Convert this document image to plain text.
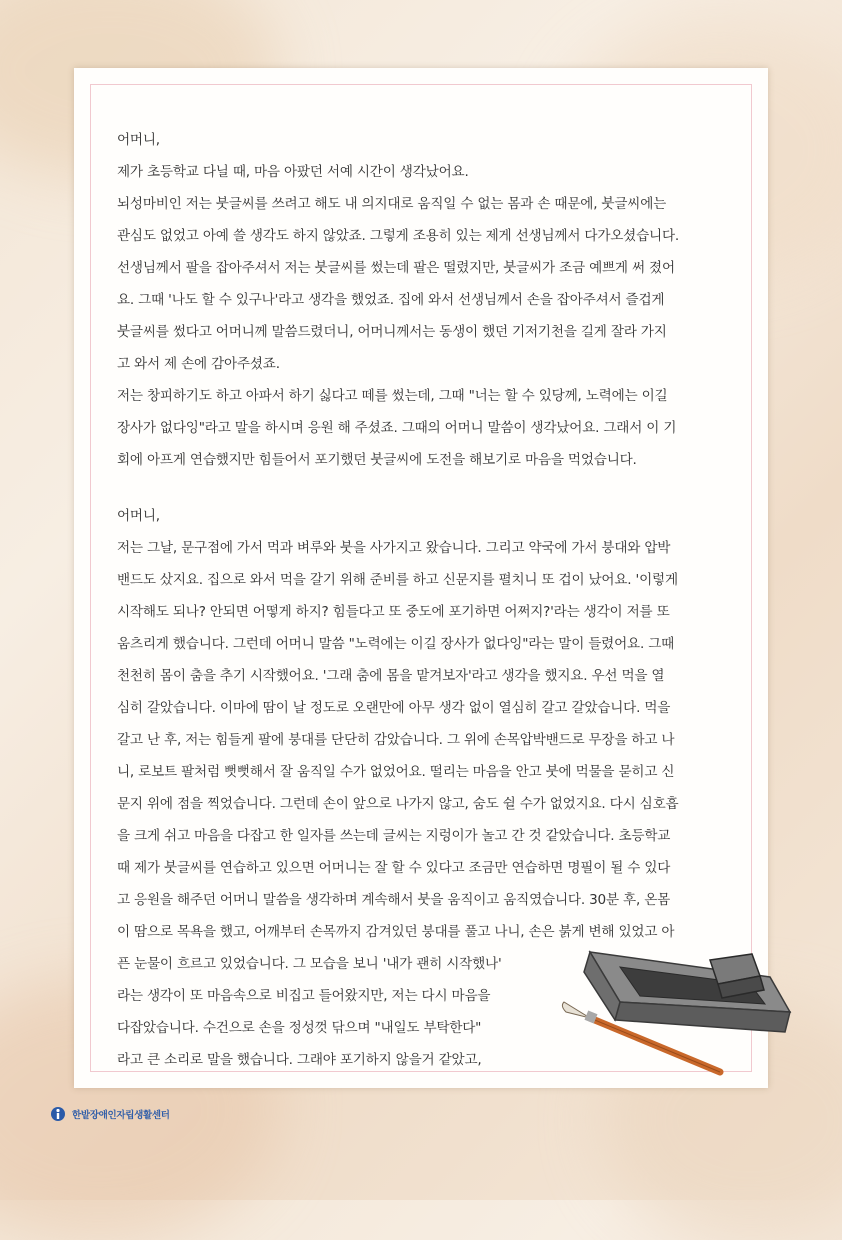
어머니,
제가 초등학교 다닐 때, 마음 아팠던 서예 시간이 생각났어요.
뇌성마비인 저는 붓글씨를 쓰려고 해도 내 의지대로 움직일 수 없는 몸과 손 때문에, 붓글씨에는
관심도 없었고 아예 쓸 생각도 하지 않았죠. 그렇게 조용히 있는 제게 선생님께서 다가오셨습니다.
선생님께서 팔을 잡아주셔서 저는 붓글씨를 썼는데 팔은 떨렸지만, 붓글씨가 조금 예쁘게 써 졌어
요. 그때 '나도 할 수 있구나'라고 생각을 했었죠. 집에 와서 선생님께서 손을 잡아주셔서 즐겁게
붓글씨를 썼다고 어머니께 말씀드렸더니, 어머니께서는 동생이 했던 기저기천을 길게 잘라 가지
고 와서 제 손에 감아주셨죠.
저는 창피하기도 하고 아파서 하기 싫다고 떼를 썼는데, 그때 "너는 할 수 있당께, 노력에는 이길
장사가 없다잉"라고 말을 하시며 응원 해 주셨죠. 그때의 어머니 말씀이 생각났어요. 그래서 이 기
회에 아프게 연습했지만 힘들어서 포기했던 붓글씨에 도전을 해보기로 마음을 먹었습니다.
어머니,
저는 그날, 문구점에 가서 먹과 벼루와 붓을 사가지고 왔습니다. 그리고 약국에 가서 붕대와 압박
밴드도 샀지요. 집으로 와서 먹을 갈기 위해 준비를 하고 신문지를 펼치니 또 겁이 났어요. '이렇게
시작해도 되나? 안되면 어떻게 하지? 힘들다고 또 중도에 포기하면 어쩌지?'라는 생각이 저를 또
움츠리게 했습니다. 그런데 어머니 말씀 "노력에는 이길 장사가 없다잉"라는 말이 들렸어요. 그때
천천히 몸이 춤을 추기 시작했어요. '그래 춤에 몸을 맡겨보자'라고 생각을 했지요. 우선 먹을 열
심히 갈았습니다. 이마에 땀이 날 정도로 오랜만에 아무 생각 없이 열심히 갈고 갈았습니다. 먹을
갈고 난 후, 저는 힘들게 팔에 붕대를 단단히 감았습니다. 그 위에 손목압박밴드로 무장을 하고 나
니, 로보트 팔처럼 뻣뻣해서 잘 움직일 수가 없었어요. 떨리는 마음을 안고 붓에 먹물을 묻히고 신
문지 위에 점을 찍었습니다. 그런데 손이 앞으로 나가지 않고, 숨도 쉴 수가 없었지요. 다시 심호흡
을 크게 쉬고 마음을 다잡고 한 일자를 쓰는데 글씨는 지렁이가 놀고 간 것 같았습니다. 초등학교
때 제가 붓글씨를 연습하고 있으면 어머니는 잘 할 수 있다고 조금만 연습하면 명필이 될 수 있다
고 응원을 해주던 어머니 말씀을 생각하며 계속해서 붓을 움직이고 움직였습니다. 30분 후, 온몸
이 땀으로 목욕을 했고, 어깨부터 손목까지 감겨있던 붕대를 풀고 나니, 손은 붉게 변해 있었고 아
픈 눈물이 흐르고 있었습니다. 그 모습을 보니 '내가 괜히 시작했나'
라는 생각이 또 마음속으로 비집고 들어왔지만, 저는 다시 마음을
다잡았습니다. 수건으로 손을 정성껏 닦으며 "내일도 부탁한다"
라고 큰 소리로 말을 했습니다. 그래야 포기하지 않을거 같았고,
한밭장애인자립생활센터
